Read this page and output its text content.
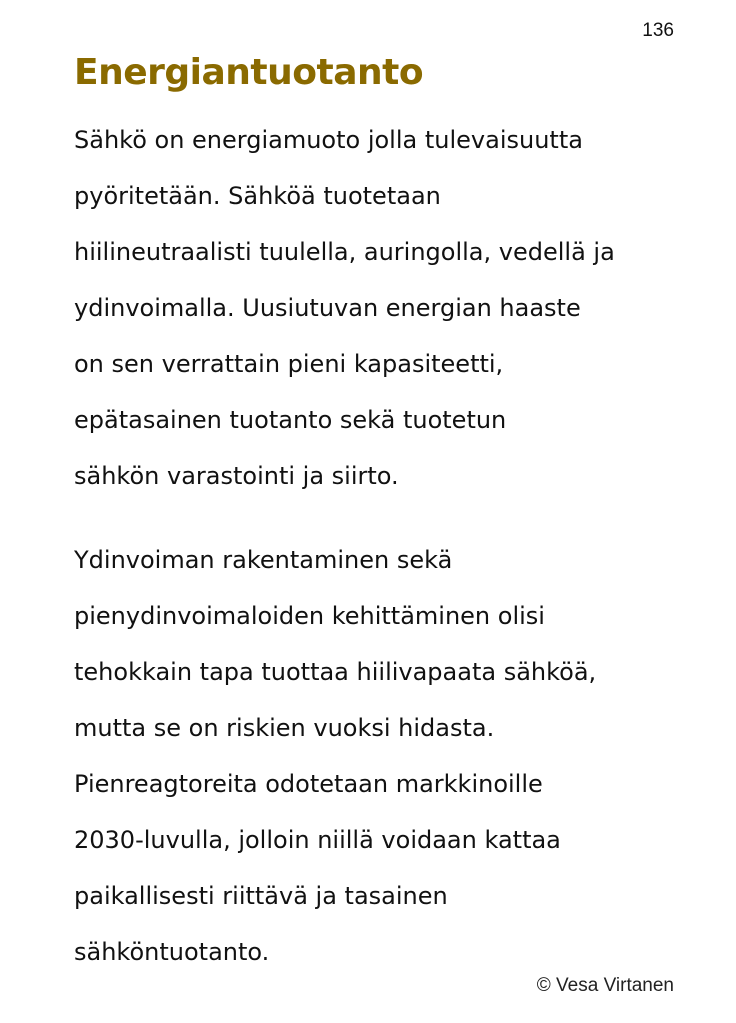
136
Energiantuotanto
Sähkö on energiamuoto jolla tulevaisuutta
pyöritetään. Sähköä tuotetaan
hiilineutraalisti tuulella, auringolla, vedellä ja
ydinvoimalla. Uusiutuvan energian haaste
on sen verrattain pieni kapasiteetti,
epätasainen tuotanto sekä tuotetun
sähkön varastointi ja siirto.
Ydinvoiman rakentaminen sekä
pienydinvoimaloiden kehittäminen olisi
tehokkain tapa tuottaa hiilivapaata sähköä,
mutta se on riskien vuoksi hidasta.
Pienreagtoreita odotetaan markkinoille
2030-luvulla, jolloin niillä voidaan kattaa
paikallisesti riittävä ja tasainen
sähköntuotanto.
© Vesa Virtanen
